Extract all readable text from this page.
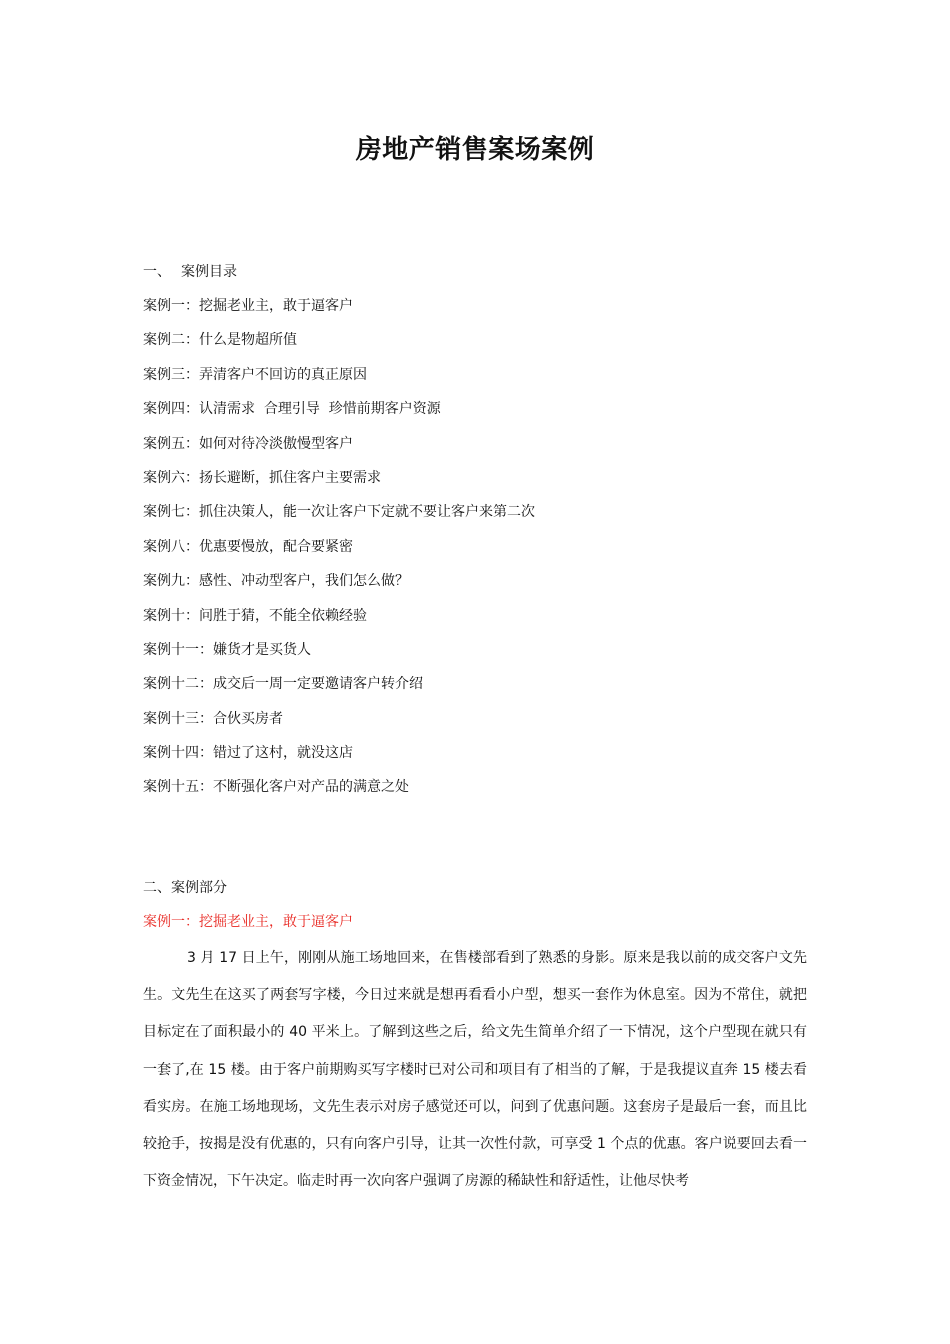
房地产销售案场案例
一、 案例目录
案例一：挖掘老业主，敢于逼客户
案例二：什么是物超所值
案例三：弄清客户不回访的真正原因
案例四：认清需求  合理引导  珍惜前期客户资源
案例五：如何对待冷淡傲慢型客户
案例六：扬长避断，抓住客户主要需求
案例七：抓住决策人，能一次让客户下定就不要让客户来第二次
案例八：优惠要慢放，配合要紧密
案例九：感性、冲动型客户，我们怎么做？
案例十：问胜于猜，不能全依赖经验
案例十一：嫌货才是买货人
案例十二：成交后一周一定要邀请客户转介绍
案例十三：合伙买房者
案例十四：错过了这村，就没这店
案例十五：不断强化客户对产品的满意之处
二、案例部分
案例一：挖掘老业主，敢于逼客户

3 月 17 日上午，刚刚从施工场地回来，在售楼部看到了熟悉的身影。原来是我以前的成交客户文先生。文先生在这买了两套写字楼，今日过来就是想再看看小户型，想买一套作为休息室。因为不常住，就把目标定在了面积最小的 40 平米上。了解到这些之后，给文先生简单介绍了一下情况，这个户型现在就只有一套了,在 15 楼。由于客户前期购买写字楼时已对公司和项目有了相当的了解，于是我提议直奔 15 楼去看看实房。在施工场地现场，文先生表示对房子感觉还可以，问到了优惠问题。这套房子是最后一套，而且比较抢手，按揭是没有优惠的，只有向客户引导，让其一次性付款，可享受 1 个点的优惠。客户说要回去看一下资金情况，下午决定。临走时再一次向客户强调了房源的稀缺性和舒适性，让他尽快考
